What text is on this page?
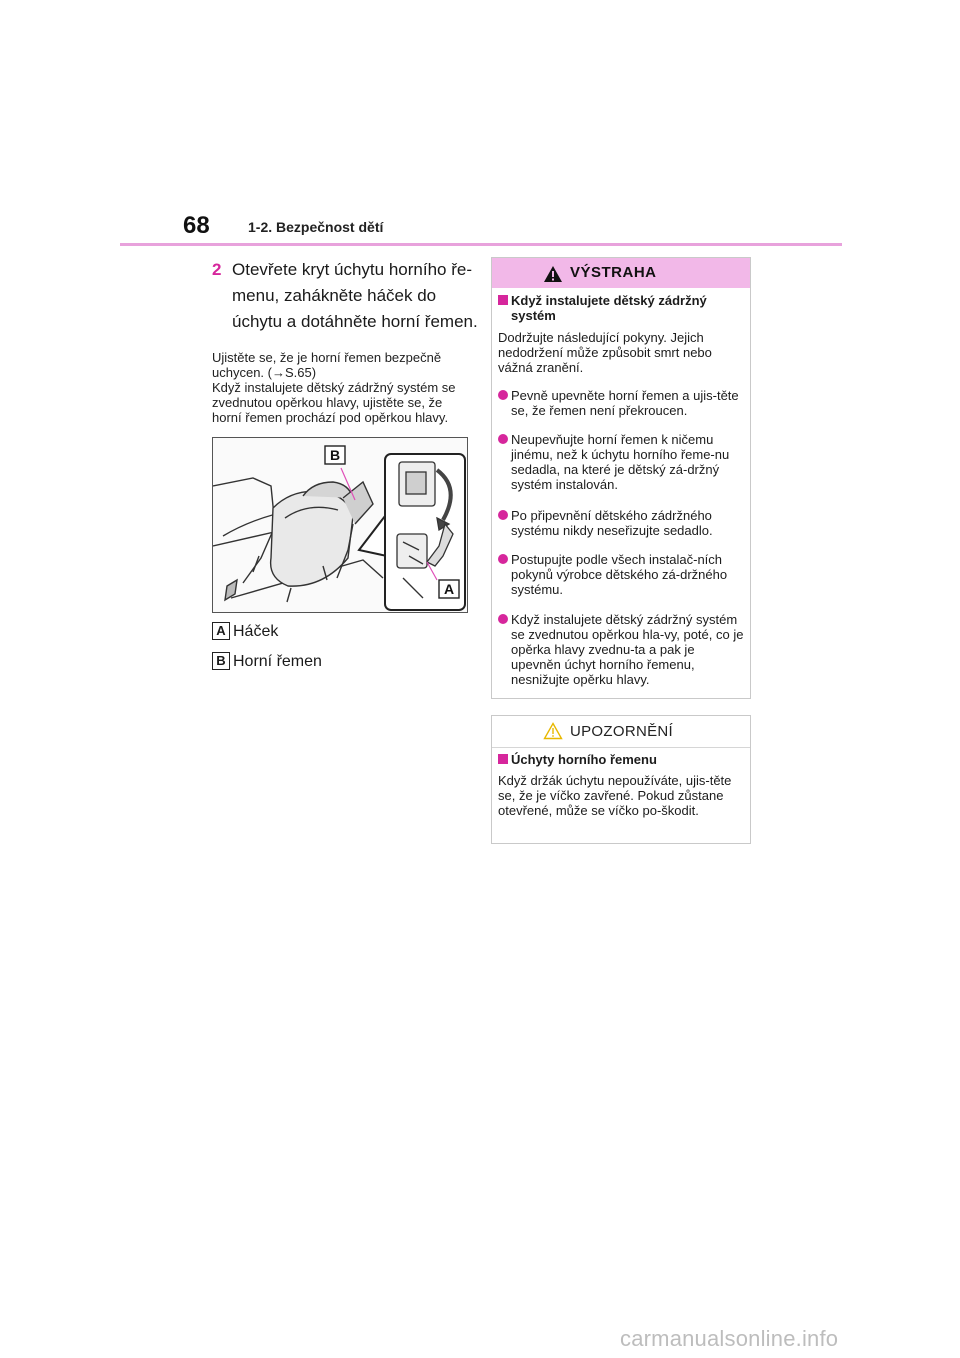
68	1-2. Bezpečnost dětí
2 Otevřete kryt úchytu horního ře-menu, zahákněte háček do úchytu a dotáhněte horní řemen.
Ujistěte se, že je horní řemen bezpečně uchycen. (→S.65)
Když instalujete dětský zádržný systém se zvednutou opěrkou hlavy, ujistěte se, že horní řemen prochází pod opěrkou hlavy.
B
A
A Háček
B Horní řemen
VÝSTRAHA
Když instalujete dětský zádržný systém
Dodržujte následující pokyny. Jejich nedodržení může způsobit smrt nebo vážná zranění.
Pevně upevněte horní řemen a ujis-těte se, že řemen není překroucen.
Neupevňujte horní řemen k ničemu jinému, než k úchytu horního řeme-nu sedadla, na které je dětský zá-držný systém instalován.
Po připevnění dětského zádržného systému nikdy neseřizujte sedadlo.
Postupujte podle všech instalač-ních pokynů výrobce dětského zá-držného systému.
Když instalujete dětský zádržný systém se zvednutou opěrkou hla-vy, poté, co je opěrka hlavy zvednu-ta a pak je upevněn úchyt horního řemenu, nesnižujte opěrku hlavy.
UPOZORNĚNÍ
Úchyty horního řemenu
Když držák úchytu nepoužíváte, ujis-těte se, že je víčko zavřené. Pokud zůstane otevřené, může se víčko po-škodit.
carmanualsonline.info
